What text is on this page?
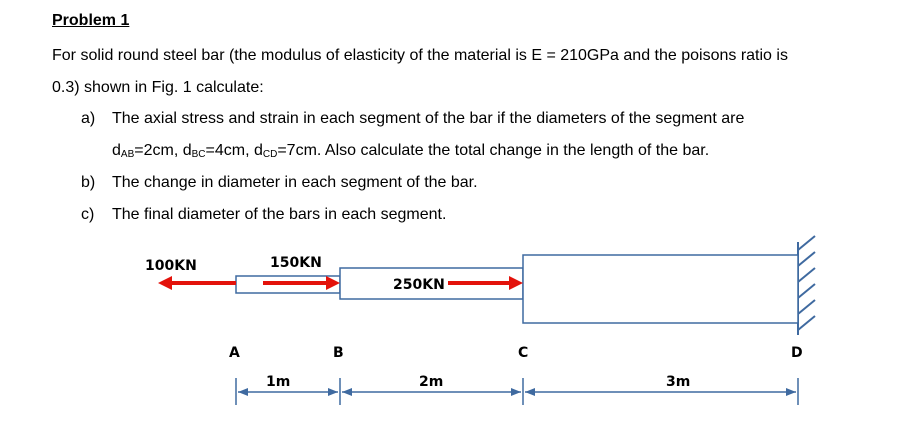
Problem 1
For solid round steel bar (the modulus of elasticity of the material is E = 210GPa and the poisons ratio is
0.3) shown in Fig. 1 calculate:
a) The axial stress and strain in each segment of the bar if the diameters of the segment are
$d_{AB}=2cm$, $d_{BC}=4cm$, $d_{CD}=7cm$. Also calculate the total change in the length of the bar.
b) The change in diameter in each segment of the bar.
c) The final diameter of the bars in each segment.
100KN	150KN
250KN
A	B	C	D
1m	2m	3m
